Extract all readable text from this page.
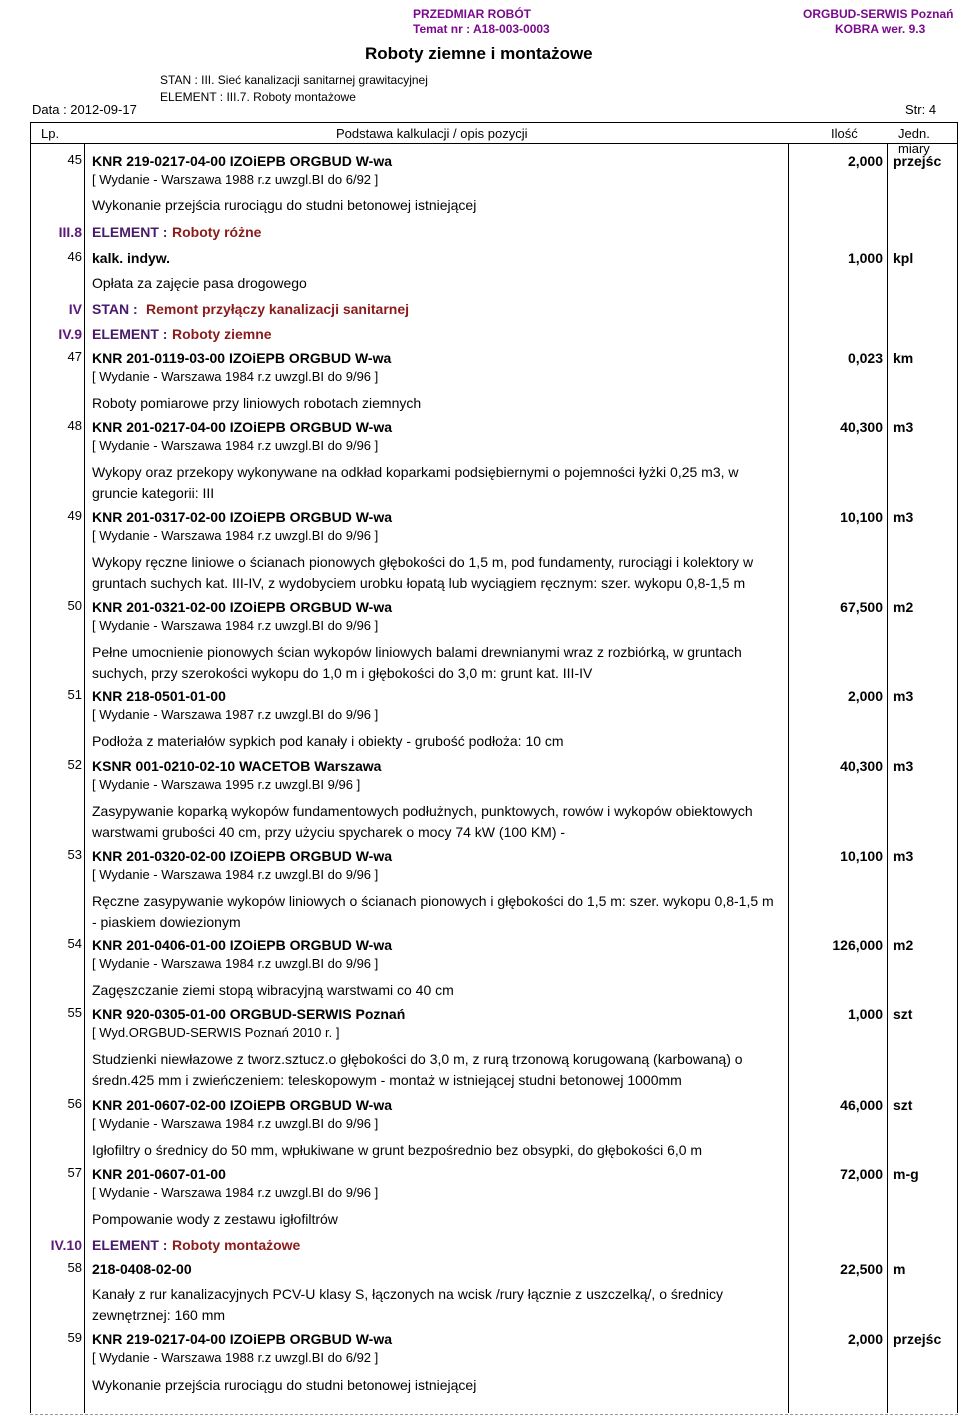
PRZEDMIAR ROBÓT
Temat nr : A18-003-0003
ORGBUD-SERWIS Poznań
KOBRA wer. 9.3
Roboty ziemne i montażowe
STAN : III. Sieć kanalizacji sanitarnej grawitacyjnej
ELEMENT : III.7. Roboty montażowe
Data : 2012-09-17	Str: 4
Lp.	Podstawa kalkulacji / opis pozycji	Ilość	Jedn. miary
45 KNR 219-0217-04-00 IZOiEPB ORGBUD W-wa
[ Wydanie - Warszawa 1988 r.z uwzgl.BI do 6/92 ]
Wykonanie przejścia rurociągu do studni betonowej istniejącej
2,000 przejśc
III.8 ELEMENT : Roboty różne
46 kalk. indyw.
Opłata za zajęcie pasa drogowego
1,000 kpl
IV STAN : Remont przyłączy kanalizacji sanitarnej
IV.9 ELEMENT : Roboty ziemne
47 KNR 201-0119-03-00 IZOiEPB ORGBUD W-wa
[ Wydanie - Warszawa 1984 r.z uwzgl.BI do 9/96 ]
Roboty pomiarowe przy liniowych robotach ziemnych
0,023 km
48 KNR 201-0217-04-00 IZOiEPB ORGBUD W-wa
[ Wydanie - Warszawa 1984 r.z uwzgl.BI do 9/96 ]
Wykopy oraz przekopy wykonywane na odkład koparkami podsiębiernymi o pojemności łyżki 0,25 m3, w gruncie kategorii: III
40,300 m3
49 KNR 201-0317-02-00 IZOiEPB ORGBUD W-wa
[ Wydanie - Warszawa 1984 r.z uwzgl.BI do 9/96 ]
Wykopy ręczne liniowe o ścianach pionowych głębokości do 1,5 m, pod fundamenty, rurociągi i kolektory w gruntach suchych kat. III-IV, z wydobyciem urobku łopatą lub wyciągiem ręcznym: szer. wykopu 0,8-1,5 m
10,100 m3
50 KNR 201-0321-02-00 IZOiEPB ORGBUD W-wa
[ Wydanie - Warszawa 1984 r.z uwzgl.BI do 9/96 ]
Pełne umocnienie pionowych ścian wykopów liniowych balami drewnianymi wraz z rozbiórką, w gruntach suchych, przy szerokości wykopu do 1,0 m i głębokości do 3,0 m: grunt kat. III-IV
67,500 m2
51 KNR 218-0501-01-00
[ Wydanie - Warszawa 1987 r.z uwzgl.BI do 9/96 ]
Podłoża z materiałów sypkich pod kanały i obiekty - grubość podłoża: 10 cm
2,000 m3
52 KSNR 001-0210-02-10 WACETOB Warszawa
[ Wydanie - Warszawa 1995 r.z uwzgl.BI 9/96 ]
Zasypywanie koparką wykopów fundamentowych podłużnych, punktowych, rowów i wykopów obiektowych warstwami grubości 40 cm, przy użyciu spycharek o mocy 74 kW (100 KM) -
40,300 m3
53 KNR 201-0320-02-00 IZOiEPB ORGBUD W-wa
[ Wydanie - Warszawa 1984 r.z uwzgl.BI do 9/96 ]
Ręczne zasypywanie wykopów liniowych o ścianach pionowych i głębokości do 1,5 m: szer. wykopu 0,8-1,5 m - piaskiem dowiezionym
10,100 m3
54 KNR 201-0406-01-00 IZOiEPB ORGBUD W-wa
[ Wydanie - Warszawa 1984 r.z uwzgl.BI do 9/96 ]
Zagęszczanie ziemi stopą wibracyjną warstwami co 40 cm
126,000 m2
55 KNR 920-0305-01-00 ORGBUD-SERWIS Poznań
[ Wyd.ORGBUD-SERWIS Poznań 2010 r. ]
Studzienki niewłazowe z tworz.sztucz.o głębokości do 3,0 m, z rurą trzonową korugowaną (karbowaną) o średn.425 mm i zwieńczeniem: teleskopowym - montaż w istniejącej studni betonowej 1000mm
1,000 szt
56 KNR 201-0607-02-00 IZOiEPB ORGBUD W-wa
[ Wydanie - Warszawa 1984 r.z uwzgl.BI do 9/96 ]
Igłofiltry o średnicy do 50 mm, wpłukiwane w grunt bezpośrednio bez obsypki, do głębokości 6,0 m
46,000 szt
57 KNR 201-0607-01-00
[ Wydanie - Warszawa 1984 r.z uwzgl.BI do 9/96 ]
Pompowanie wody z zestawu igłofiltrów
72,000 m-g
IV.10 ELEMENT : Roboty montażowe
58 218-0408-02-00
Kanały z rur kanalizacyjnych PCV-U klasy S, łączonych na wcisk /rury łącznie z uszczelką/, o średnicy zewnętrznej: 160 mm
22,500 m
59 KNR 219-0217-04-00 IZOiEPB ORGBUD W-wa
[ Wydanie - Warszawa 1988 r.z uwzgl.BI do 6/92 ]
Wykonanie przejścia rurociągu do studni betonowej istniejącej
2,000 przejśc
